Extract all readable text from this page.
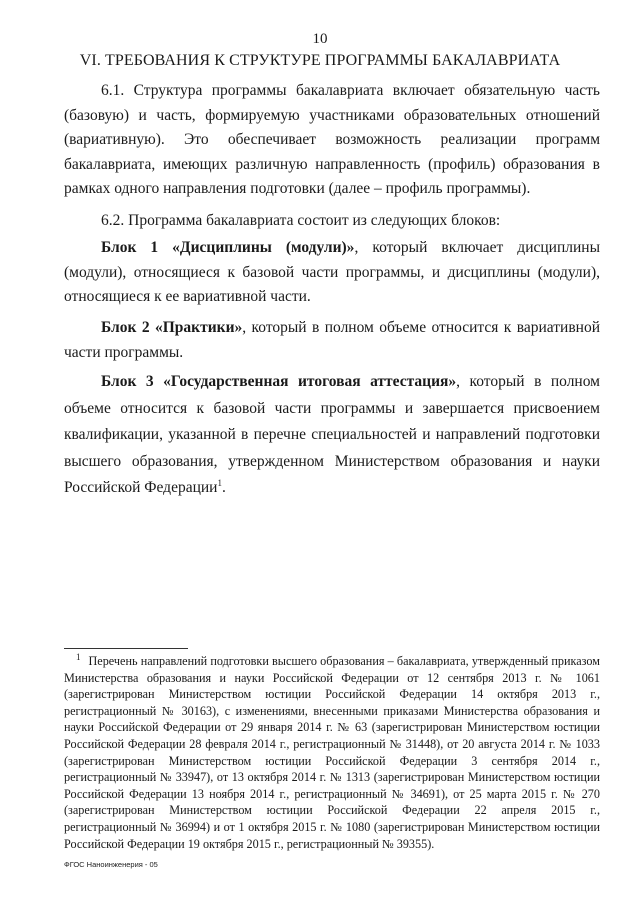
10
VI. ТРЕБОВАНИЯ К СТРУКТУРЕ ПРОГРАММЫ БАКАЛАВРИАТА

6.1. Структура программы бакалавриата включает обязательную часть (базовую) и часть, формируемую участниками образовательных отношений (вариативную). Это обеспечивает возможность реализации программ бакалавриата, имеющих различную направленность (профиль) образования в рамках одного направления подготовки (далее – профиль программы).

6.2. Программа бакалавриата состоит из следующих блоков:

Блок 1 «Дисциплины (модули)», который включает дисциплины (модули), относящиеся к базовой части программы, и дисциплины (модули), относящиеся к ее вариативной части.

Блок 2 «Практики», который в полном объеме относится к вариативной части программы.

Блок 3 «Государственная итоговая аттестация», который в полном объеме относится к базовой части программы и завершается присвоением квалификации, указанной в перечне специальностей и направлений подготовки высшего образования, утвержденном Министерством образования и науки Российской Федерации$^1$.

$^1$ Перечень направлений подготовки высшего образования – бакалавриата, утвержденный приказом Министерства образования и науки Российской Федерации от 12 сентября 2013 г. № 1061 (зарегистрирован Министерством юстиции Российской Федерации 14 октября 2013 г., регистрационный № 30163), с изменениями, внесенными приказами Министерства образования и науки Российской Федерации от 29 января 2014 г. № 63 (зарегистрирован Министерством юстиции Российской Федерации 28 февраля 2014 г., регистрационный № 31448), от 20 августа 2014 г. № 1033 (зарегистрирован Министерством юстиции Российской Федерации 3 сентября 2014 г., регистрационный № 33947), от 13 октября 2014 г. № 1313 (зарегистрирован Министерством юстиции Российской Федерации 13 ноября 2014 г., регистрационный № 34691), от 25 марта 2015 г. № 270 (зарегистрирован Министерством юстиции Российской Федерации 22 апреля 2015 г., регистрационный № 36994) и от 1 октября 2015 г. № 1080 (зарегистрирован Министерством юстиции Российской Федерации 19 октября 2015 г., регистрационный № 39355).

ФГОС Наноинженерия - 05
